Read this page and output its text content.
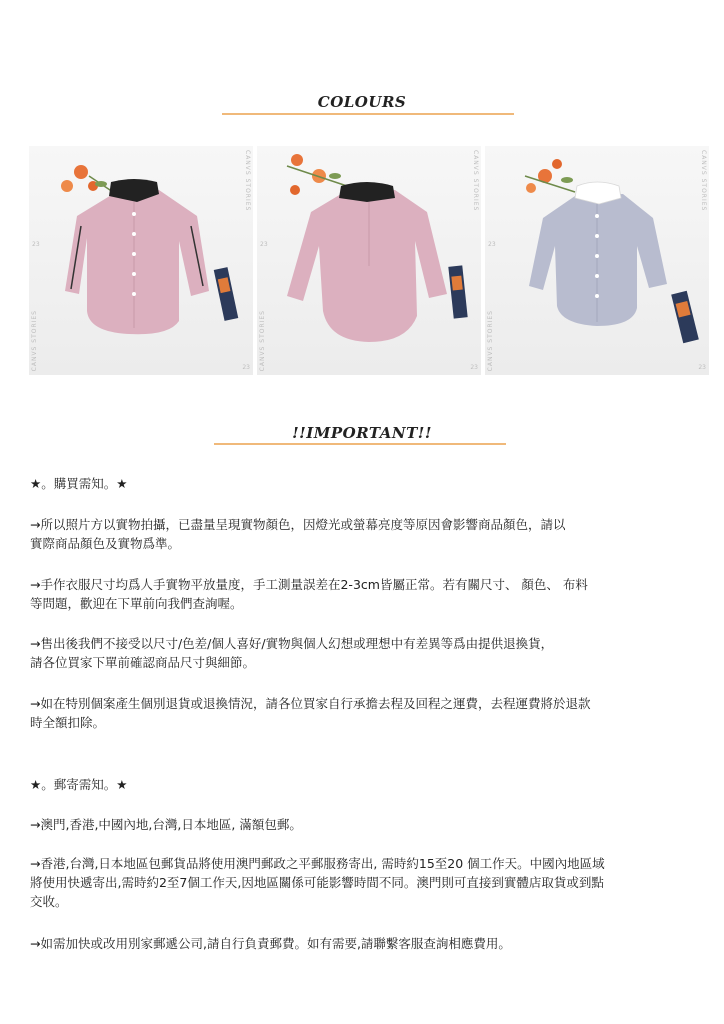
COLOURS
CANVS STORIES
CANVS STORIES
23
23
CANVS STORIES
CANVS STORIES
23
23
CANVS STORIES
CANVS STORIES
23
23
!!IMPORTANT!!
★。購買需知。★
→所以照片方以實物拍攝，已盡量呈現實物顏色，因燈光或螢幕亮度等原因會影響商品顏色，請以
實際商品顏色及實物爲準。
→手作衣服尺寸均爲人手實物平放量度，手工測量誤差在2-3cm皆屬正常。若有關尺寸、 顏色、 布料
等問題，歡迎在下單前向我們查詢喔。
→售出後我們不接受以尺寸/色差/個人喜好/實物與個人幻想或理想中有差異等爲由提供退換貨，
請各位買家下單前確認商品尺寸與細節。
→如在特別個案產生個別退貨或退換情況，請各位買家自行承擔去程及回程之運費，去程運費將於退款
時全額扣除。
★。郵寄需知。★
→澳門,香港,中國內地,台灣,日本地區, 滿額包郵。
→香港,台灣,日本地區包郵貨品將使用澳門郵政之平郵服務寄出, 需時約15至20 個工作天。中國內地區域
將使用快遞寄出,需時約2至7個工作天,因地區關係可能影響時間不同。澳門則可直接到實體店取貨或到點
交收。
→如需加快或改用別家郵遞公司,請自行負責郵費。如有需要,請聯繫客服查詢相應費用。
